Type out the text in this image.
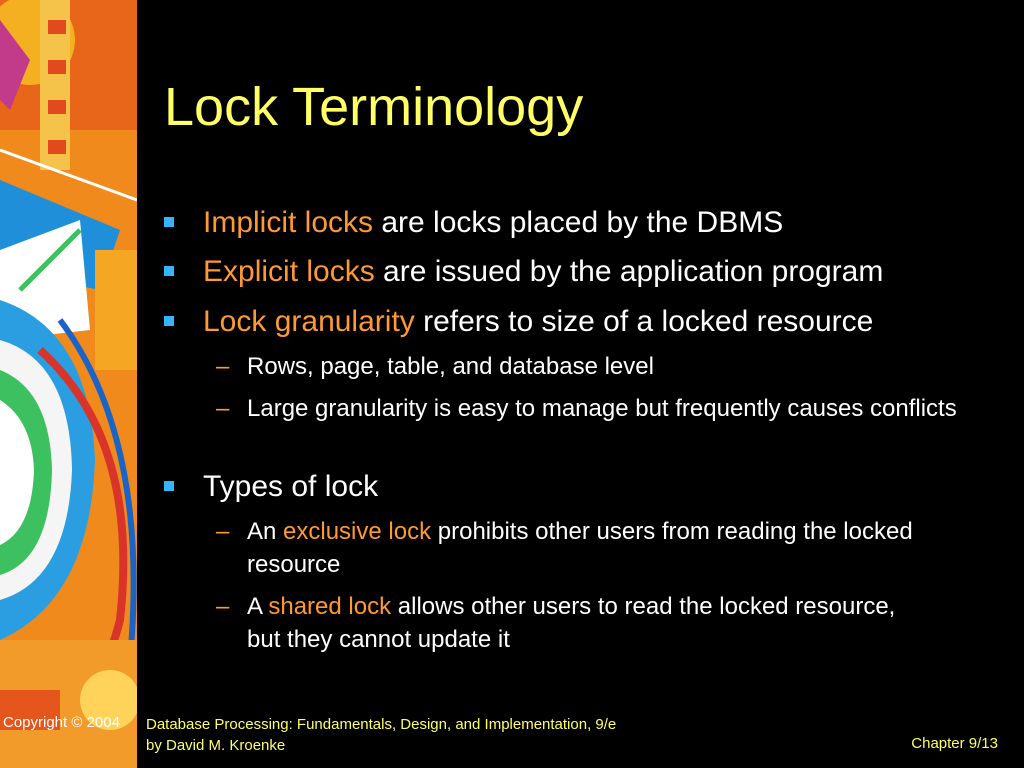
Lock Terminology
Implicit locks are locks placed by the DBMS
Explicit locks are issued by the application program
Lock granularity refers to size of a locked resource
– Rows, page, table, and database level
– Large granularity is easy to manage but frequently causes conflicts
Types of lock
– An exclusive lock prohibits other users from reading the locked resource
– A shared lock allows other users to read the locked resource, but they cannot update it
Copyright © 2004 Database Processing: Fundamentals, Design, and Implementation, 9/e
by David M. Kroenke	Chapter 9/13
